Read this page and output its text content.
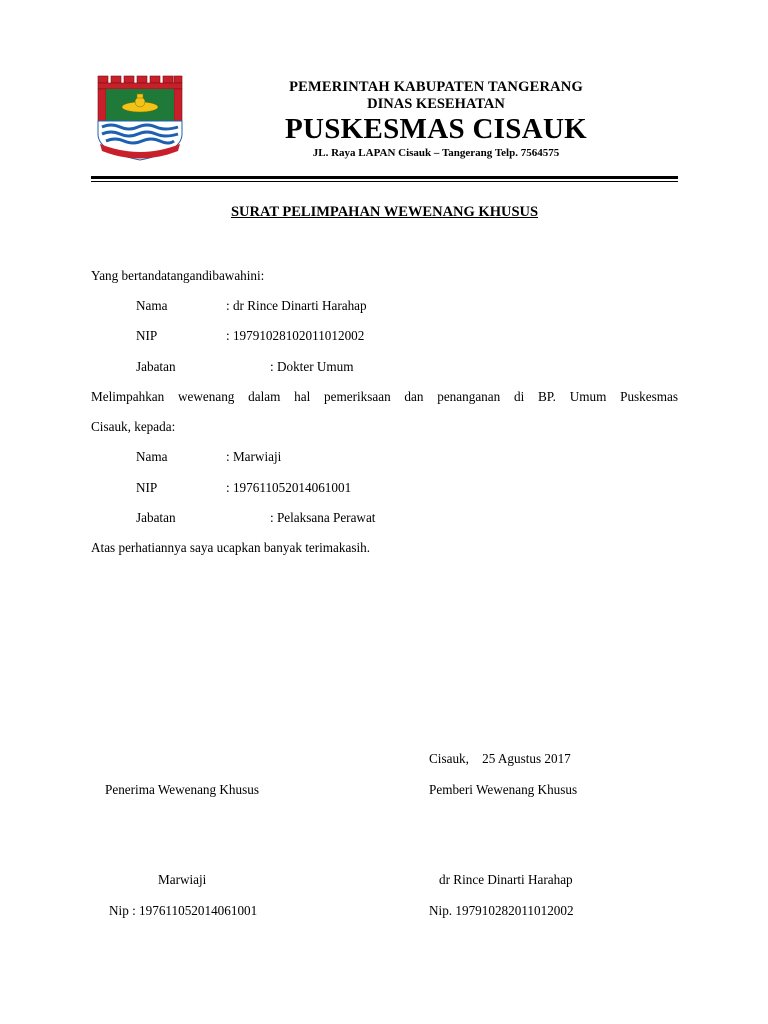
PEMERINTAH KABUPATEN TANGERANG
DINAS KESEHATAN
PUSKESMAS CISAUK
JL. Raya LAPAN Cisauk – Tangerang Telp. 7564575
SURAT PELIMPAHAN WEWENANG KHUSUS
Yang bertandatangandibawahini:
Nama	: dr Rince Dinarti Harahap
NIP	: 19791028102011012002
Jabatan	: Dokter Umum
Melimpahkan wewenang dalam hal pemeriksaan dan penanganan di BP. Umum Puskesmas
Cisauk, kepada:
Nama	: Marwiaji
NIP	: 197611052014061001
Jabatan	: Pelaksana Perawat
Atas perhatiannya saya ucapkan banyak terimakasih.
Cisauk,    25 Agustus 2017
Penerima Wewenang Khusus	Pemberi Wewenang Khusus
Marwiaji	dr Rince Dinarti Harahap
Nip : 197611052014061001	Nip. 197910282011012002
